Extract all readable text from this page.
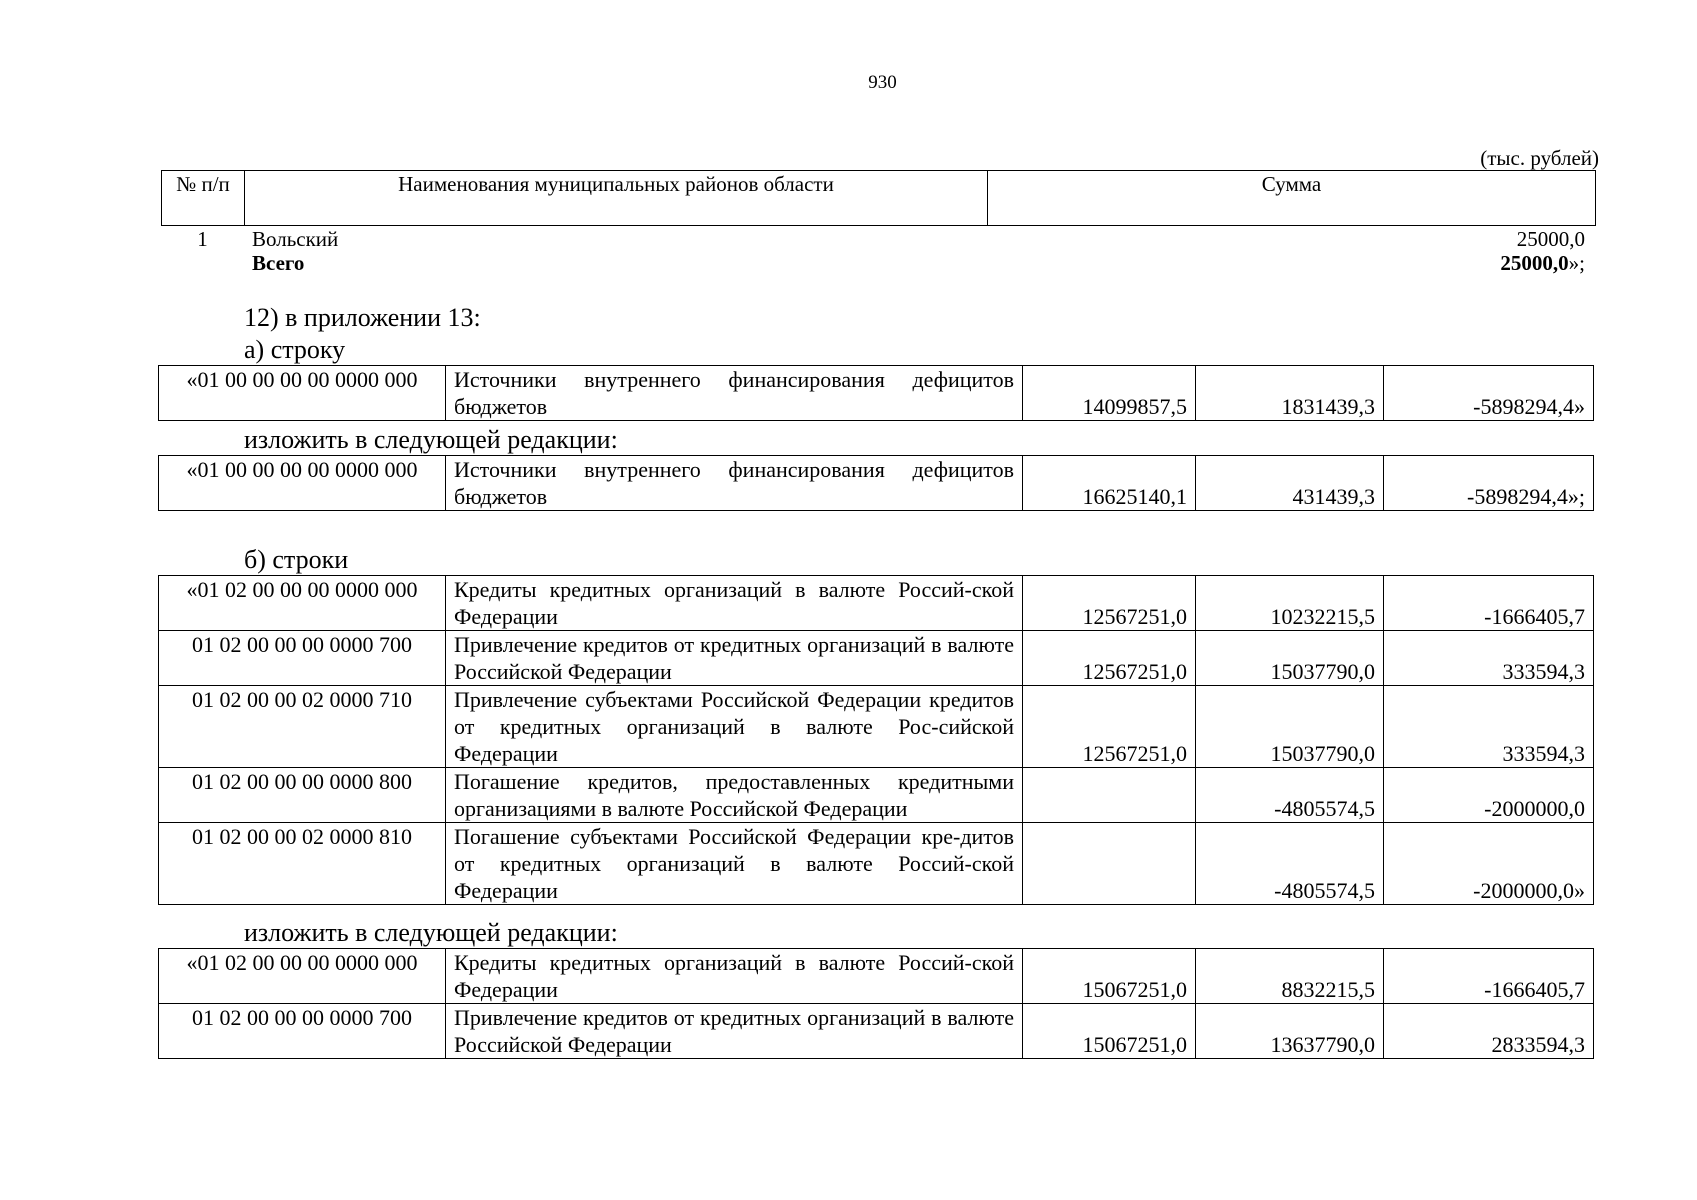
930
(тыс. рублей)
№ п/п	Наименования муниципальных районов области	Сумма
1	Вольский	25000,0
	Всего	25000,0»;
12) в приложении 13:
а) строку
«01 00 00 00 00 0000 000	Источники внутреннего финансирования дефицитов бюджетов	14099857,5	1831439,3	-5898294,4»
изложить в следующей редакции:
«01 00 00 00 00 0000 000	Источники внутреннего финансирования дефицитов бюджетов	16625140,1	431439,3	-5898294,4»;
б) строки
«01 02 00 00 00 0000 000	Кредиты кредитных организаций в валюте Россий-ской Федерации	12567251,0	10232215,5	-1666405,7
01 02 00 00 00 0000 700	Привлечение кредитов от кредитных организаций в валюте Российской Федерации	12567251,0	15037790,0	333594,3
01 02 00 00 02 0000 710	Привлечение субъектами Российской Федерации кредитов от кредитных организаций в валюте Рос-сийской Федерации	12567251,0	15037790,0	333594,3
01 02 00 00 00 0000 800	Погашение кредитов, предоставленных кредитными организациями в валюте Российской Федерации		-4805574,5	-2000000,0
01 02 00 00 02 0000 810	Погашение субъектами Российской Федерации кре-дитов от кредитных организаций в валюте Россий-ской Федерации		-4805574,5	-2000000,0»
изложить в следующей редакции:
«01 02 00 00 00 0000 000	Кредиты кредитных организаций в валюте Россий-ской Федерации	15067251,0	8832215,5	-1666405,7
01 02 00 00 00 0000 700	Привлечение кредитов от кредитных организаций в валюте Российской Федерации	15067251,0	13637790,0	2833594,3
